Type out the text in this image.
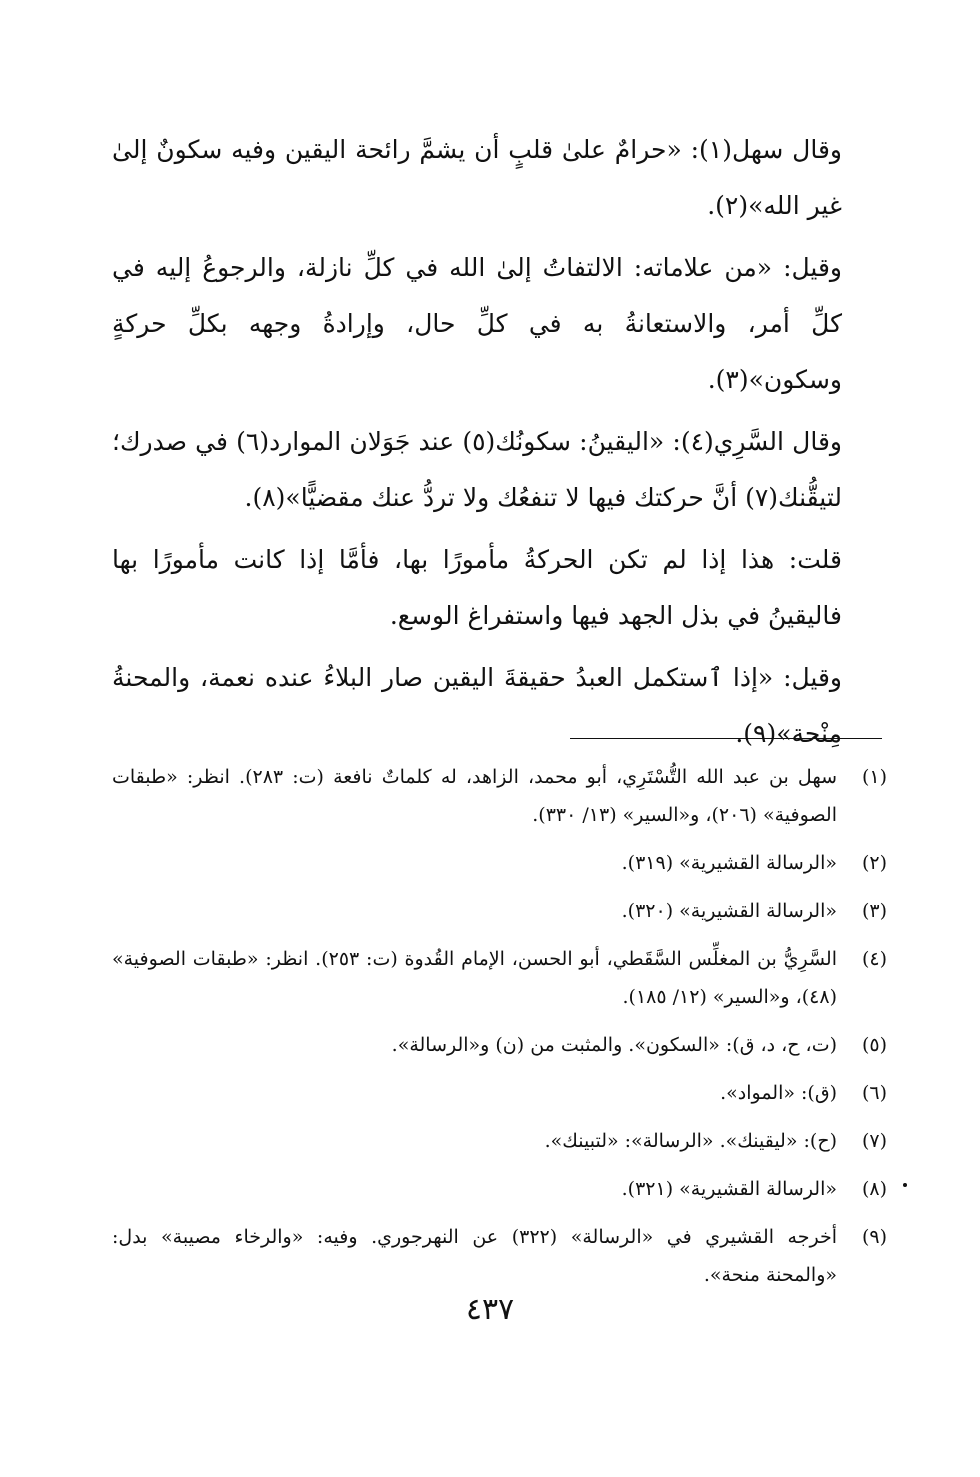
وقال سهل(١): «حرامٌ علىٰ قلبٍ أن يشمَّ رائحة اليقين وفيه سكونٌ إلىٰ غير الله»(٢).

وقيل: «من علاماته: الالتفاتُ إلىٰ الله في كلِّ نازلة، والرجوعُ إليه في كلِّ أمر، والاستعانةُ به في كلِّ حال، وإرادةُ وجهه بكلِّ حركةٍ وسكون»(٣).

وقال السَّرِي(٤): «اليقينُ: سكونُك(٥) عند جَوَلان الموارد(٦) في صدرك؛ لتيقُّنك(٧) أنَّ حركتك فيها لا تنفعُك ولا تردُّ عنك مقضيًّا»(٨).

قلت: هذا إذا لم تكن الحركةُ مأمورًا بها، فأمَّا إذا كانت مأمورًا بها فاليقينُ في بذل الجهد فيها واستفراغ الوسع.

وقيل: «إذا ٱستكمل العبدُ حقيقةَ اليقين صار البلاءُ عنده نعمة، والمحنةُ مِنْحة»(٩).

(١)
سهل بن عبد الله التُّسْتَرِي، أبو محمد، الزاهد، له كلماتٌ نافعة (ت: ٢٨٣). انظر: «طبقات الصوفية» (٢٠٦)، و«السير» (١٣/ ٣٣٠).
(٢)
«الرسالة القشيرية» (٣١٩).
(٣)
«الرسالة القشيرية» (٣٢٠).
(٤)
السَّرِيُّ بن المغلِّس السَّقَطي، أبو الحسن، الإمام القُدوة (ت: ٢٥٣). انظر: «طبقات الصوفية» (٤٨)، و«السير» (١٢/ ١٨٥).
(٥)
(ت، ح، د، ق): «السكون». والمثبت من (ن) و«الرسالة».
(٦)
(ق): «المواد».
(٧)
(ح): «ليقينك». «الرسالة»: «لتبينك».
(٨)
«الرسالة القشيرية» (٣٢١).
(٩)
أخرجه القشيري في «الرسالة» (٣٢٢) عن النهرجوري. وفيه: «والرخاء مصيبة» بدل: «والمحنة منحة».
٤٣٧
